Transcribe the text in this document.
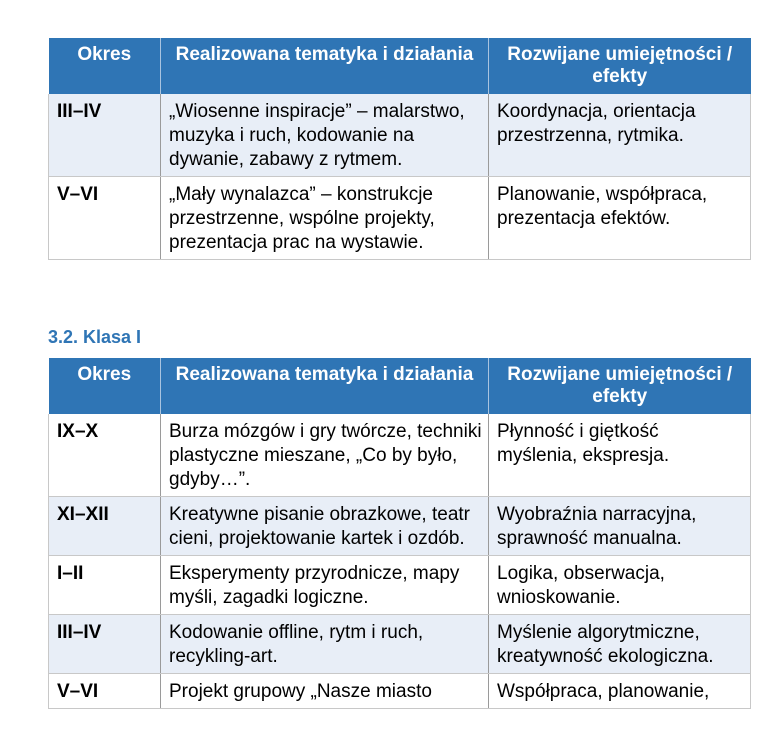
Okres	Realizowana tematyka i działania	Rozwijane umiejętności / efekty
III–IV	„Wiosenne inspiracje” – malarstwo, muzyka i ruch, kodowanie na dywanie, zabawy z rytmem.	Koordynacja, orientacja przestrzenna, rytmika.
V–VI	„Mały wynalazca” – konstrukcje przestrzenne, wspólne projekty, prezentacja prac na wystawie.	Planowanie, współpraca, prezentacja efektów.
3.2. Klasa I
Okres	Realizowana tematyka i działania	Rozwijane umiejętności / efekty
IX–X	Burza mózgów i gry twórcze, techniki plastyczne mieszane, „Co by było, gdyby…”.	Płynność i giętkość myślenia, ekspresja.
XI–XII	Kreatywne pisanie obrazkowe, teatr cieni, projektowanie kartek i ozdób.	Wyobraźnia narracyjna, sprawność manualna.
I–II	Eksperymenty przyrodnicze, mapy myśli, zagadki logiczne.	Logika, obserwacja, wnioskowanie.
III–IV	Kodowanie offline, rytm i ruch, recykling-art.	Myślenie algorytmiczne, kreatywność ekologiczna.
V–VI	Projekt grupowy „Nasze miasto	Współpraca, planowanie,
